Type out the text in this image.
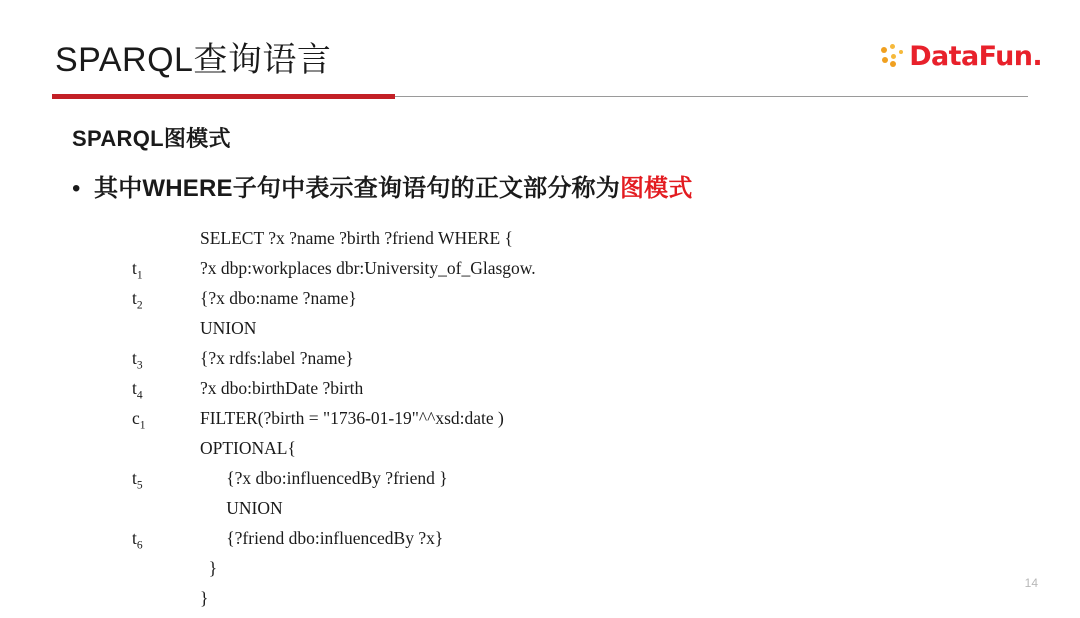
SPARQL查询语言	DataFun.
SPARQL图模式
• 其中WHERE子句中表示查询语句的正文部分称为图模式
SELECT ?x ?name ?birth ?friend WHERE {
$t_1$	?x dbp:workplaces dbr:University_of_Glasgow.
$t_2$	{?x dbo:name ?name}
UNION
$t_3$	{?x rdfs:label ?name}
$t_4$	?x dbo:birthDate ?birth
$c_1$	FILTER(?birth = "1736-01-19"^^xsd:date )
OPTIONAL{
$t_5$	{?x dbo:influencedBy ?friend }
UNION
$t_6$	{?friend dbo:influencedBy ?x}
}
}
14
